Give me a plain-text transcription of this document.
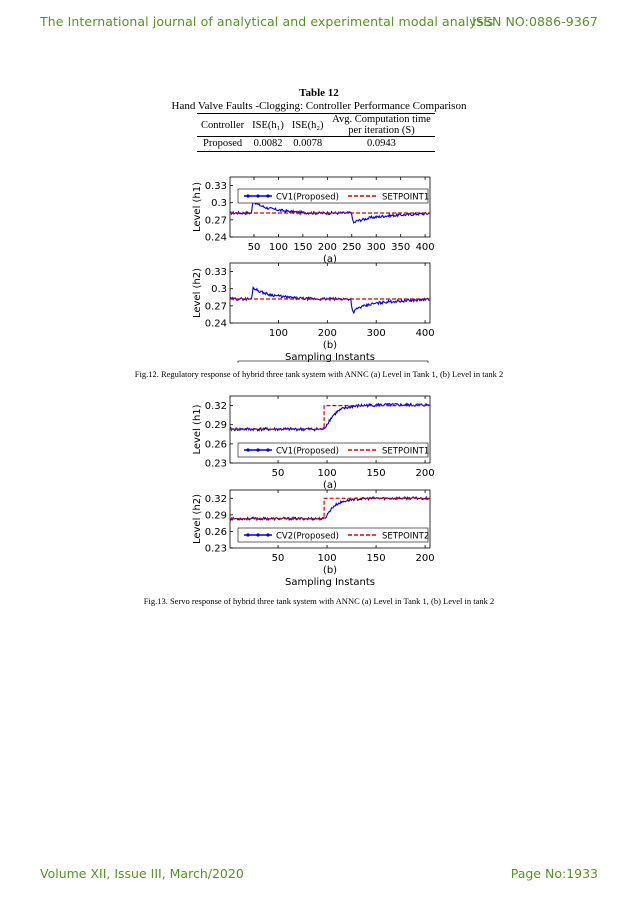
The International journal of analytical and experimental modal analysis
ISSN NO:0886-9367
Table 12
Hand Valve Faults -Clogging: Controller Performance Comparison
Controller	ISE(h₁)	ISE(h₂)	Avg. Computation time per iteration (S)
Proposed	0.0082	0.0078	0.0943
0.24
0.27
0.3
0.33
50 100 150 200 250 300 350 400
Level (h1)	CV1(Proposed)	SETPOINT1
(a)
0.24
0.27
0.3
0.33
100	200	300	400
Level (h2)
(b)
Sampling Instants
Fig.12. Regulatory response of hybrid three tank system with ANNC (a) Level in Tank 1, (b) Level in tank 2
0.23
0.26
0.29
0.32
50	100	150	200
Level (h1)	CV1(Proposed)	SETPOINT1
(a)
0.23
0.26
0.29
0.32
50	100	150	200
Level (h2)	CV2(Proposed)	SETPOINT2
(b)
Sampling Instants
Fig.13. Servo response of hybrid three tank system with ANNC (a) Level in Tank 1, (b) Level in tank 2
Volume XII, Issue III, March/2020	Page No:1933
